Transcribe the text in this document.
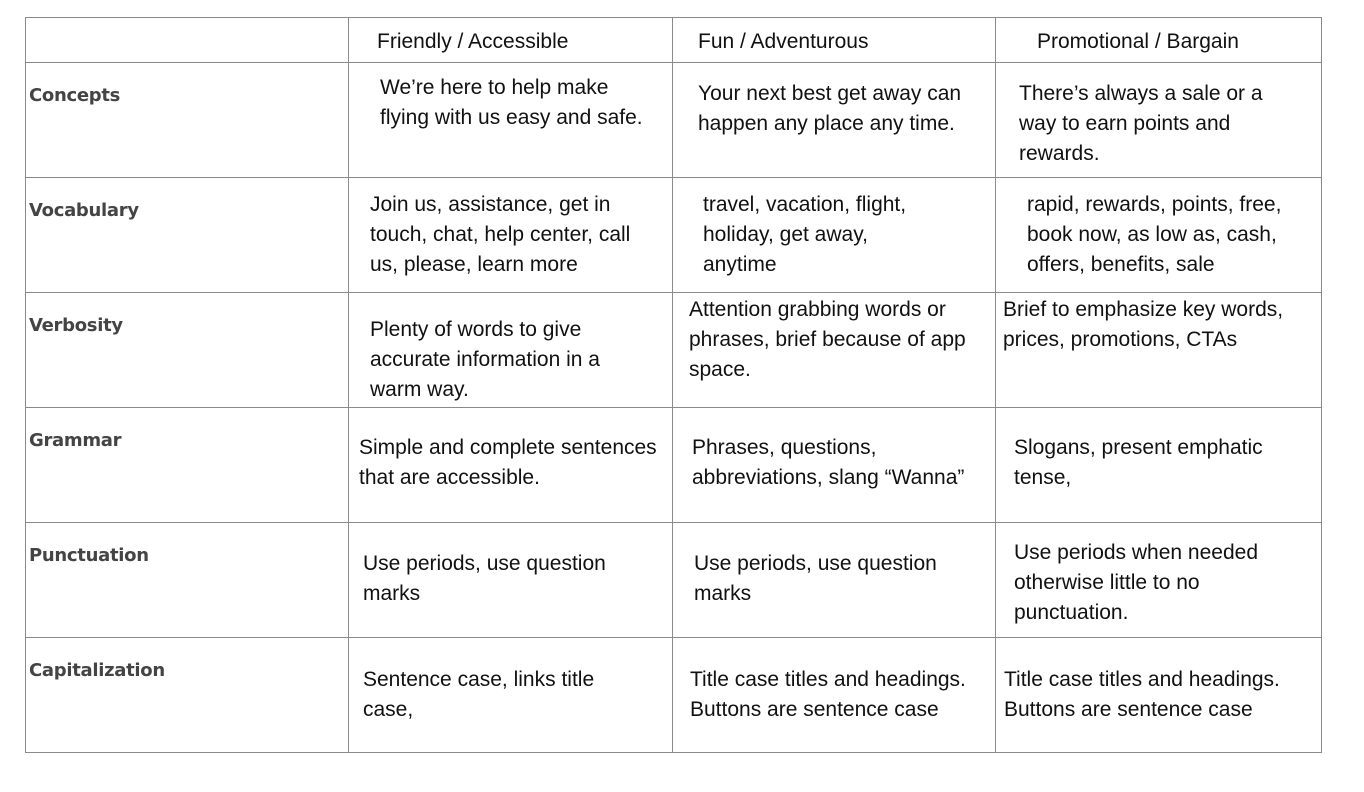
	Friendly / Accessible	Fun / Adventurous	Promotional / Bargain

Concepts	We’re here to help make flying with us easy and safe.	Your next best get away can happen any place any time.	There’s always a sale or a way to earn points and rewards.

Vocabulary	Join us, assistance, get in touch, chat, help center, call us, please, learn more	travel, vacation, flight, holiday, get away, anytime	rapid, rewards, points, free, book now, as low as, cash, offers, benefits, sale

Verbosity	Plenty of words to give accurate information in a warm way.	Attention grabbing words or phrases, brief because of app space.	Brief to emphasize key words, prices, promotions, CTAs

Grammar	Simple and complete sentences that are accessible.	Phrases, questions, abbreviations, slang “Wanna”	Slogans, present emphatic tense,

Punctuation	Use periods, use question marks	Use periods, use question marks	Use periods when needed otherwise little to no punctuation.

Capitalization	Sentence case, links title case,	Title case titles and headings. Buttons are sentence case	Title case titles and headings. Buttons are sentence case
